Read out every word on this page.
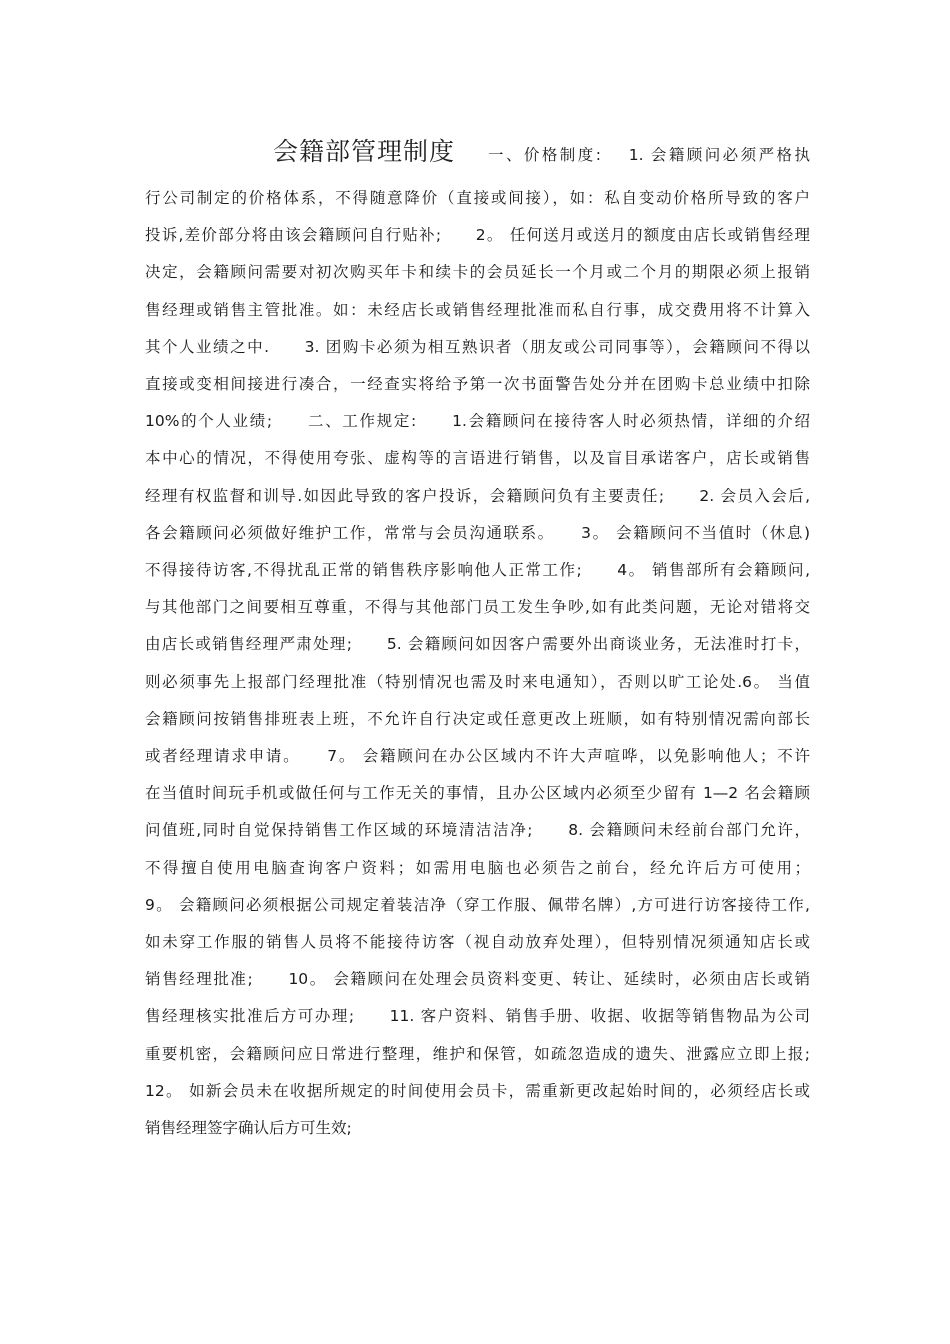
会籍部管理制度 一、价格制度:　 1. 会籍顾问必须严格执
行公司制定的价格体系，不得随意降价（直接或间接），如：私自变动价格所导致的客户
投诉,差价部分将由该会籍顾问自行贴补;　　2。 任何送月或送月的额度由店长或销售经理
决定，会籍顾问需要对初次购买年卡和续卡的会员延长一个月或二个月的期限必须上报销
售经理或销售主管批准。如：未经店长或销售经理批准而私自行事，成交费用将不计算入
其个人业绩之中.　　3. 团购卡必须为相互熟识者（朋友或公司同事等），会籍顾问不得以
直接或变相间接进行凑合，一经查实将给予第一次书面警告处分并在团购卡总业绩中扣除
10%的个人业绩;　　二、工作规定:　　1.会籍顾问在接待客人时必须热情，详细的介绍
本中心的情况，不得使用夸张、虚构等的言语进行销售，以及盲目承诺客户，店长或销售
经理有权监督和训导.如因此导致的客户投诉，会籍顾问负有主要责任;　　2. 会员入会后,
各会籍顾问必须做好维护工作，常常与会员沟通联系。　　3。 会籍顾问不当值时（休息)
不得接待访客,不得扰乱正常的销售秩序影响他人正常工作;　　4。 销售部所有会籍顾问,
与其他部门之间要相互尊重，不得与其他部门员工发生争吵,如有此类问题，无论对错将交
由店长或销售经理严肃处理;　　5. 会籍顾问如因客户需要外出商谈业务，无法准时打卡，
则必须事先上报部门经理批准（特别情况也需及时来电通知），否则以旷工论处.6。 当值
会籍顾问按销售排班表上班，不允许自行决定或任意更改上班顺，如有特别情况需向部长
或者经理请求申请。　　7。 会籍顾问在办公区域内不许大声喧哗，以免影响他人；不许
在当值时间玩手机或做任何与工作无关的事情，且办公区域内必须至少留有 1—2 名会籍顾
问值班,同时自觉保持销售工作区域的环境清洁洁净;　　8. 会籍顾问未经前台部门允许，
不得擅自使用电脑查询客户资料；如需用电脑也必须告之前台，经允许后方可使用；
9。 会籍顾问必须根据公司规定着装洁净（穿工作服、佩带名牌）,方可进行访客接待工作,
如未穿工作服的销售人员将不能接待访客（视自动放弃处理），但特别情况须通知店长或
销售经理批准;　　10。 会籍顾问在处理会员资料变更、转让、延续时，必须由店长或销
售经理核实批准后方可办理;　　11. 客户资料、销售手册、收据、收据等销售物品为公司
重要机密，会籍顾问应日常进行整理，维护和保管，如疏忽造成的遗失、泄露应立即上报;
12。 如新会员未在收据所规定的时间使用会员卡，需重新更改起始时间的，必须经店长或
销售经理签字确认后方可生效;
